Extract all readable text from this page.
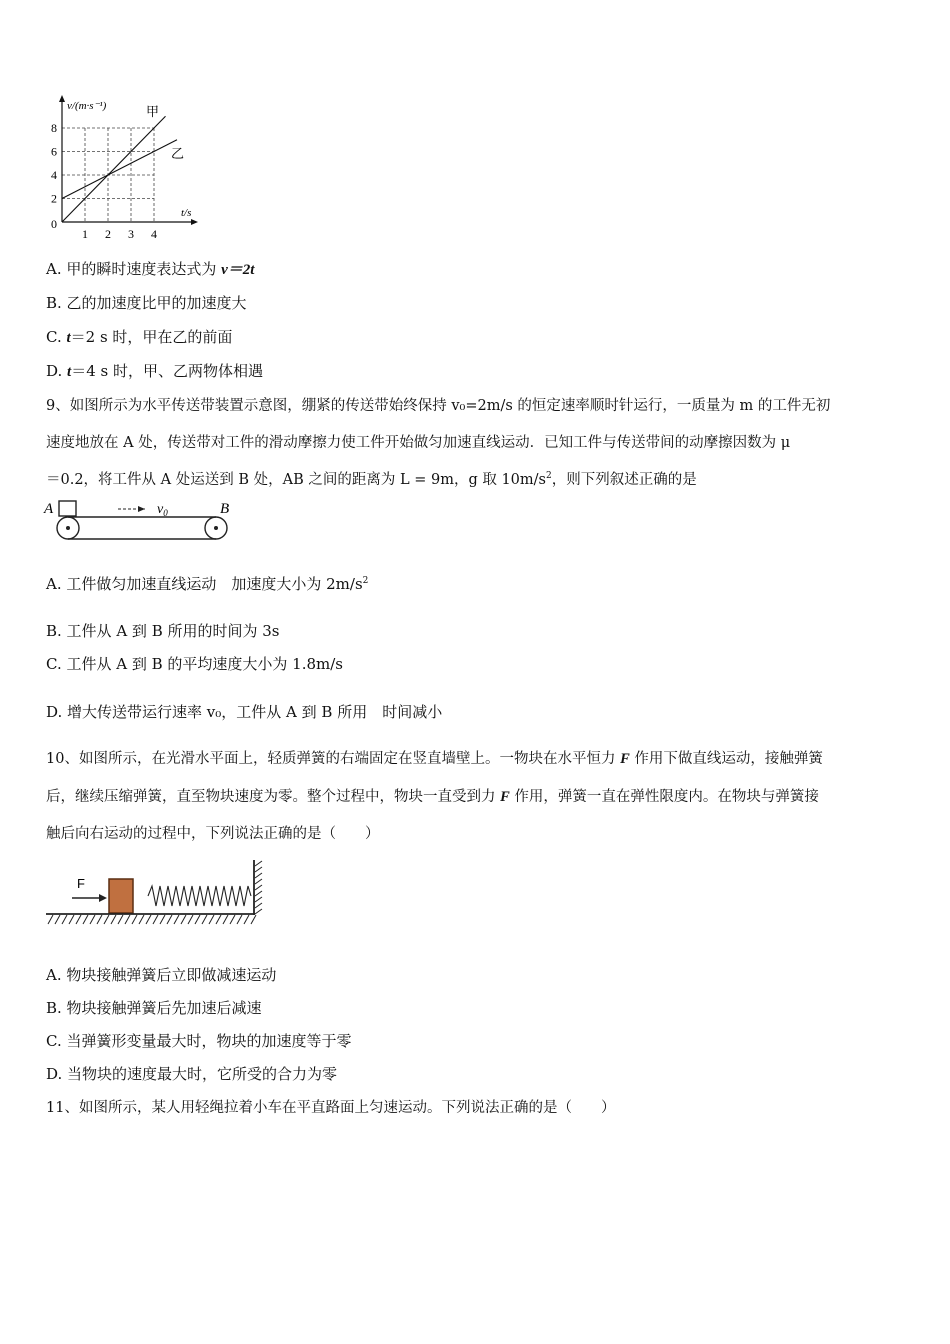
1 2 3 4
2
4
6
8
v/(m·s⁻¹)
t/s
0
甲
乙
A. 甲的瞬时速度表达式为 v＝2t
B. 乙的加速度比甲的加速度大
C. t＝2 s 时，甲在乙的前面
D. t＝4 s 时，甲、乙两物体相遇
9、如图所示为水平传送带装置示意图，绷紧的传送带始终保持 v₀=2m/s 的恒定速率顺时针运行，一质量为 m 的工件无初
速度地放在 A 处，传送带对工件的滑动摩擦力使工件开始做匀加速直线运动．已知工件与传送带间的动摩擦因数为 μ
＝0.2，将工件从 A 处运送到 B 处，AB 之间的距离为 L = 9m，g 取 $10m/s^2$，则下列叙述正确的是
A	$v_0$	B
A. 工件做匀加速直线运动　加速度大小为 $2m/s^2$
B. 工件从 A 到 B 所用的时间为 3s
C. 工件从 A 到 B 的平均速度大小为 1.8m/s
D. 增大传送带运行速率 v₀，工件从 A 到 B 所用　时间减小
10、如图所示，在光滑水平面上，轻质弹簧的右端固定在竖直墙壁上。一物块在水平恒力 F 作用下做直线运动，接触弹簧
后，继续压缩弹簧，直至物块速度为零。整个过程中，物块一直受到力 F 作用，弹簧一直在弹性限度内。在物块与弹簧接
触后向右运动的过程中，下列说法正确的是（　　）
F
A. 物块接触弹簧后立即做减速运动
B. 物块接触弹簧后先加速后减速
C. 当弹簧形变量最大时，物块的加速度等于零
D. 当物块的速度最大时，它所受的合力为零
11、如图所示，某人用轻绳拉着小车在平直路面上匀速运动。下列说法正确的是（　　）
